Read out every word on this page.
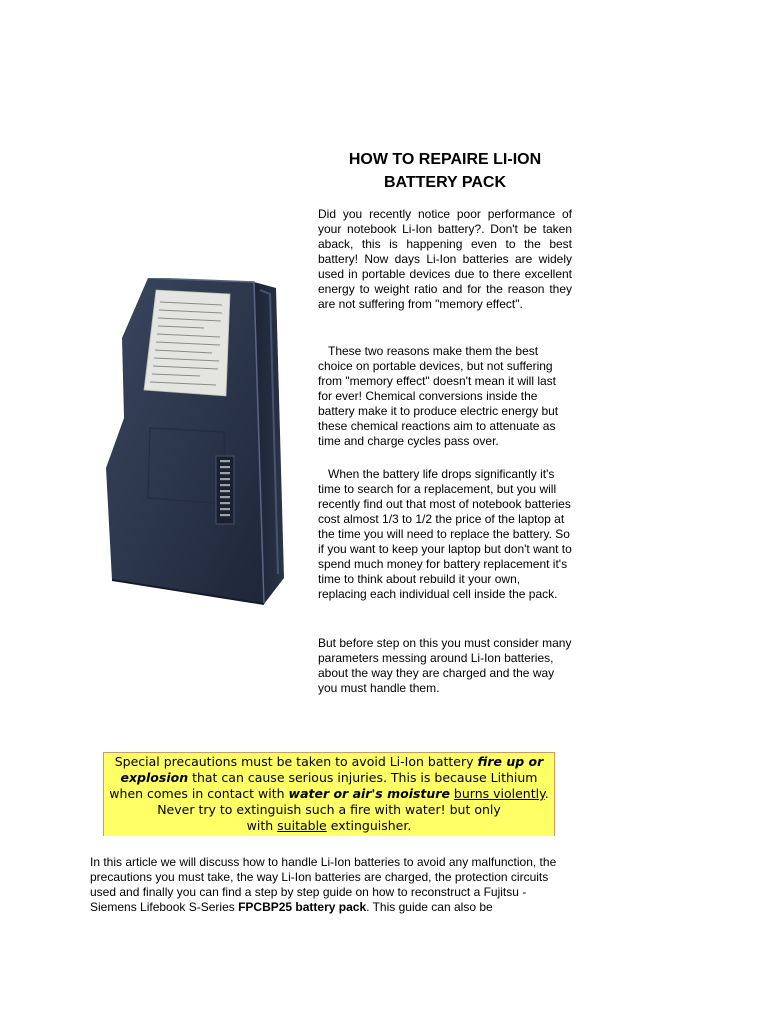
HOW TO REPAIRE LI-ION
BATTERY PACK

Did you recently notice poor performance of your notebook Li-Ion battery?. Don't be taken aback, this is happening even to the best battery! Now days Li-Ion batteries are widely used in portable devices due to there excellent energy to weight ratio and for the reason they are not suffering from "memory effect".

These two reasons make them the best choice on portable devices, but not suffering from "memory effect" doesn't mean it will last for ever! Chemical conversions inside the battery make it to produce electric energy but these chemical reactions aim to attenuate as time and charge cycles pass over.

When the battery life drops significantly it's time to search for a replacement, but you will recently find out that most of notebook batteries cost almost 1/3 to 1/2 the price of the laptop at the time you will need to replace the battery. So if you want to keep your laptop but don't want to spend much money for battery replacement it's time to think about rebuild it your own, replacing each individual cell inside the pack.

But before step on this you must consider many parameters messing around Li-Ion batteries, about the way they are charged and the way you must handle them.

Special precautions must be taken to avoid Li-Ion battery fire up or
explosion that can cause serious injuries. This is because Lithium
when comes in contact with water or air's moisture burns violently.
Never try to extinguish such a fire with water! but only
with suitable extinguisher.

In this article we will discuss how to handle Li-Ion batteries to avoid any malfunction, the precautions you must take, the way Li-Ion batteries are charged, the protection circuits used and finally you can find a step by step guide on how to reconstruct a Fujitsu - Siemens Lifebook S-Series FPCBP25 battery pack. This guide can also be
